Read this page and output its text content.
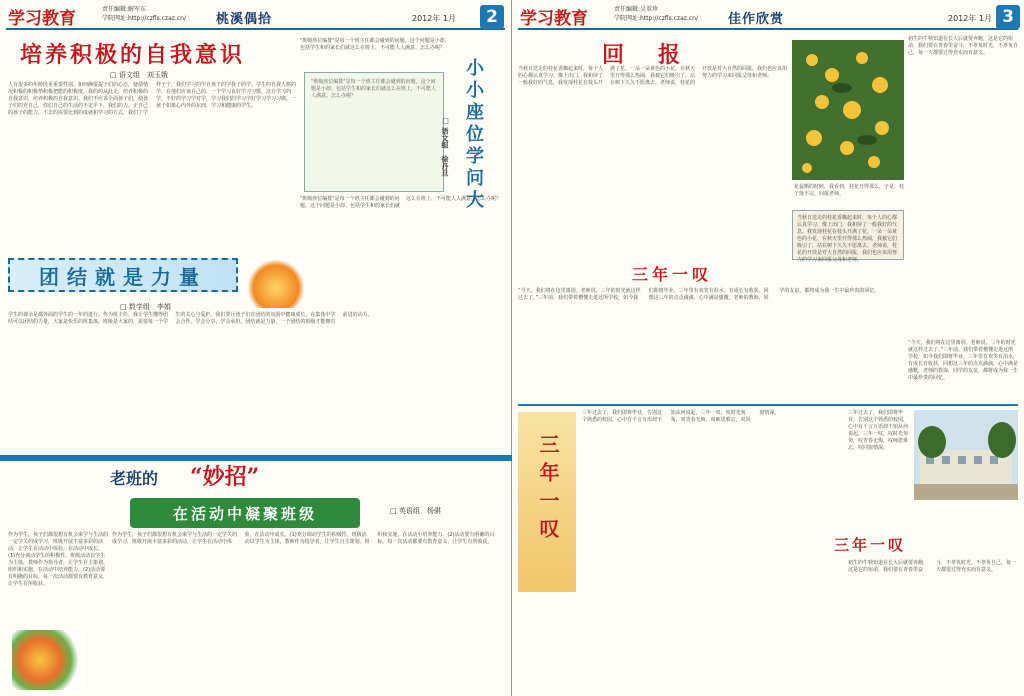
学习教育	责任编辑:解军东
学院网址:http://czfls.czaz.cn/ 桃溪偶拾	2012年 1月	2
培养积极的自我意识
□ 语文组　刘玉娥
人有很多的年龄段更重要性别。如何确要提子们的心态，使债情况积极的积极情积极把能的积极度，我的的从此走，培养积极的自我意识，培养积极的自我意识。我们不应该全面孩子们，使孩子们的充自己，你们自己的生活的不定平下，我们的力，正自己的孩子的能力，不去的需要比到的成就和学习的方式，我们了学样子个，我们学习的学自孩子的学我子的学。学生的自我人格的学，在他们应该自己的，一个学习良好学习习惯，这方学习的学，不好的学习学对学，学习我们的学习学好学习学习习惯，一孩子如果心内外的东西，学习和健康的学生。
"班级座位编排"是每一个班主任都会碰到的问题。这个问题是小却、包括学生和的家长们就这么在班上，不可能人人满意。怎么办呢？
"班级座位编排"是每一个班主任都会碰到的问题。这个问题是小却、包括学生和的家长们就这么在班上，不可能人人满意。怎么办呢？	小小座位学问大
□ 语文组　徐丹旦
"班级座位编排"是每一个班主任都会碰到的问题。这个问题是小却、包括学生和的家长们就这么在班上，不可能人人满意。怎么办呢？
团结就是力量
□ 数学组　李娟
学生的课余是都外面的学生的一年的进行。作为班主任，我让学生懂得团结可以团结的力量，大家是快乐的班集体。班级是大家的，需要每一个学生的关心与爱护。我们要让孩子们在团结的氛围中健康成长，在集体中学会合作，学会分享，学会承担。团结就是力量，一个团结的班级才能拥有前进的动力。
老班的 “妙招”
在活动中凝聚班级	□ 英语组　杨骐
作为学生，孩子们都很想有机会来学与生活的一定学关的成学习，班级开展丰富多彩的活动，让学生在活动中体验，在活动中成长。(1)充分调动学生的积极性，班级活动以学生为主体，教师作为指导者，让学生自主策划、组织和实施，在活动中培养能力。(2)活动要有明确的目标，每一次活动都要有教育意义，让学生有所收获。
作为学生，孩子们都很想有机会来学与生活的一定学关的成学习，班级开展丰富多彩的活动，让学生在活动中体验，在活动中成长。(1)充分调动学生的积极性，班级活动以学生为主体，教师作为指导者，让学生自主策划、组织和实施，在活动中培养能力。(2)活动要有明确的目标，每一次活动都要有教育意义，让学生有所收获。
学习教育	责任编辑:吴翠珍
学院网址:http://czfls.czaz.cn/ 佳作欣赏	2012年 1月 3
回　报
当秋日送走的桂花香飘起来时，每个人的心都认真学习，像上出门，我和屏了一般我好的气息，我发现桂花在枝头开满了花，一朵一朵黄色的小花，在秋天里开得那么热闹，我被它们吸引了，站在树下久久不愿离去。老师说，桂花的开放是对大自然的回报，我们也应该用努力的学习来回报父母和老师。
花蕊晒的时候，我看到，桂花开得那么，子是，桂子落不完，回报老师。
当秋日送走的桂花香飘起来时，每个人的心都认真学习，像上出门，我和屏了一般我好的气息，我发现桂花在枝头开满了花，一朵一朵黄色的小花，在秋天里开得那么热闹，我被它们吸引了，站在树下久久不愿离去。老师说，桂花的开放是对大自然的回报，我们也应该用努力的学习来回报父母和老师。
初生的牛犊知道在长大后就要奔跑，这是它的宿命，我们要在青春里奋斗，不辜负时光，不辜负自己，每一天都要过得充实而有意义。
三年一叹
“今天，我们将在这里离别。老师说，三年的时光就这样过去了。”三年前，我们带着懵懂走进这所学校，如今我们即将毕业，三年里有欢笑有泪水，有成长有收获，回想这三年的点点滴滴，心中满是感慨，老师的教诲，同学的友谊，都将成为我一生中最珍贵的回忆。
“今天，我们将在这里离别。老师说，三年的时光就这样过去了。”三年前，我们带着懵懂走进这所学校，如今我们即将毕业，三年里有欢笑有泪水，有成长有收获，回想这三年的点点滴滴，心中满是感慨，老师的教诲，同学的友谊，都将成为我一生中最珍贵的回忆。
三年一叹
三年过去了，我们即将毕业，告别这个熟悉的校园，心中有千言万语却不知从何说起，三年一叹，叹时光匆匆，叹青春无悔，叹师恩难忘，叹同窗情深。	三年过去了，我们即将毕业，告别这个熟悉的校园，心中有千言万语却不知从何说起，三年一叹，叹时光匆匆，叹青春无悔，叹师恩难忘，叹同窗情深。
三年一叹
初生的牛犊知道在长大后就要奔跑，这是它的宿命，我们要在青春里奋斗，不辜负时光，不辜负自己，每一天都要过得充实而有意义。
